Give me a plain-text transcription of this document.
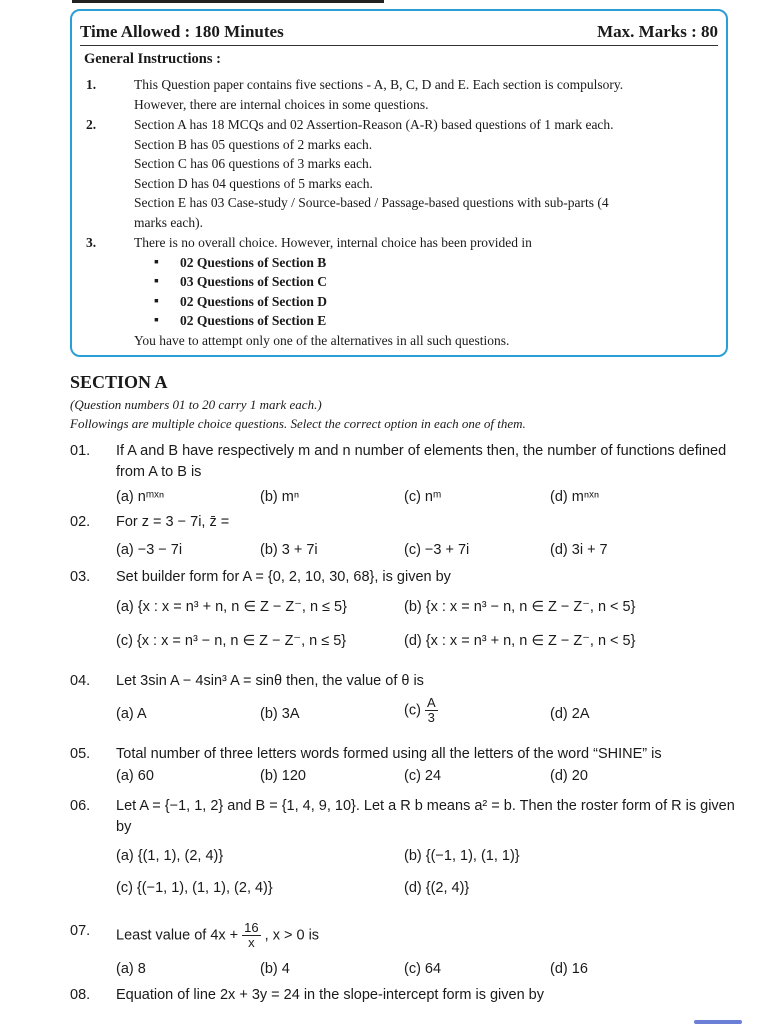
Time Allowed : 180 Minutes	Max. Marks : 80
General Instructions :
1.	This Question paper contains five sections - A, B, C, D and E. Each section is compulsory.
However, there are internal choices in some questions.
2.	Section A has 18 MCQs and 02 Assertion-Reason (A-R) based questions of 1 mark each.
Section B has 05 questions of 2 marks each.
Section C has 06 questions of 3 marks each.
Section D has 04 questions of 5 marks each.
Section E has 03 Case-study / Source-based / Passage-based questions with sub-parts (4
marks each).
3.	There is no overall choice. However, internal choice has been provided in
▪ 02 Questions of Section B
▪ 03 Questions of Section C
▪ 02 Questions of Section D
▪ 02 Questions of Section E
You have to attempt only one of the alternatives in all such questions.
SECTION A
(Question numbers 01 to 20 carry 1 mark each.)
Followings are multiple choice questions. Select the correct option in each one of them.
01. If A and B have respectively m and n number of elements then, the number of functions defined from A to B is
(a) nᵐˣⁿ	(b) mⁿ	(c) nᵐ	(d) mⁿˣⁿ
02. For z = 3 − 7i, z̄ =
(a) −3 − 7i	(b) 3 + 7i	(c) −3 + 7i	(d) 3i + 7
03. Set builder form for A = {0, 2, 10, 30, 68}, is given by
(a) {x : x = n³ + n, n ∈ Z − Z⁻, n ≤ 5}	(b) {x : x = n³ − n, n ∈ Z − Z⁻, n < 5}
(c) {x : x = n³ − n, n ∈ Z − Z⁻, n ≤ 5}	(d) {x : x = n³ + n, n ∈ Z − Z⁻, n < 5}
04. Let 3sin A − 4sin³ A = sinθ then, the value of θ is
(a) A	(b) 3A	$(c) \frac{A}{3}$	(d) 2A
05. Total number of three letters words formed using all the letters of the word “SHINE” is
(a) 60	(b) 120	(c) 24	(d) 20
06. Let A = {−1, 1, 2} and B = {1, 4, 9, 10}. Let a R b means a² = b. Then the roster form of R is given by
(a) {(1, 1), (2, 4)}	(b) {(−1, 1), (1, 1)}
(c) {(−1, 1), (1, 1), (2, 4)}	(d) {(2, 4)}
07. Least value of $4x + \frac{16}{x}$ , x > 0 is
(a) 8	(b) 4	(c) 64	(d) 16
08. Equation of line 2x + 3y = 24 in the slope-intercept form is given by
